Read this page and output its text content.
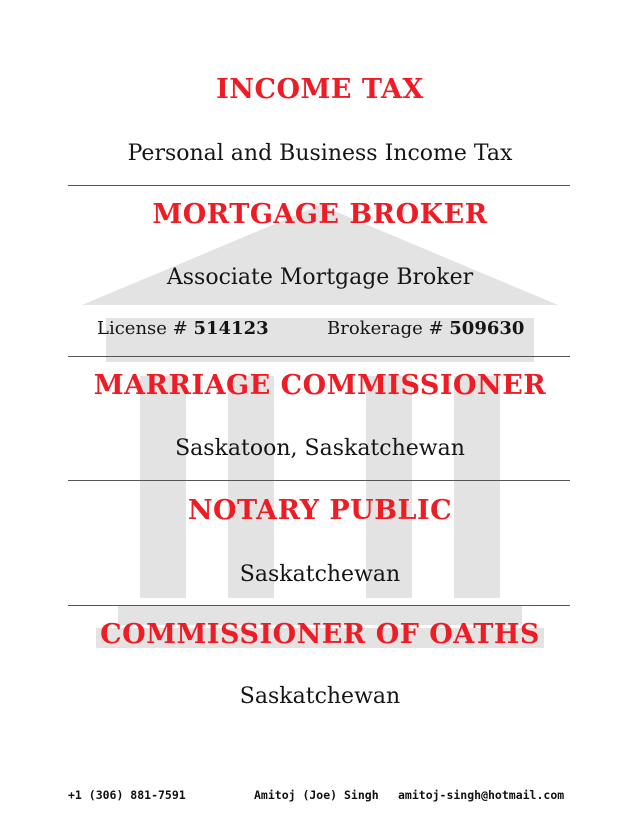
INCOME TAX
Personal and Business Income Tax
MORTGAGE BROKER
Associate Mortgage Broker
License # 514123	Brokerage # 509630
MARRIAGE COMMISSIONER
Saskatoon, Saskatchewan
NOTARY PUBLIC
Saskatchewan
COMMISSIONER OF OATHS
Saskatchewan
+1 (306) 881-7591	Amitoj (Joe) Singh amitoj-singh@hotmail.com
